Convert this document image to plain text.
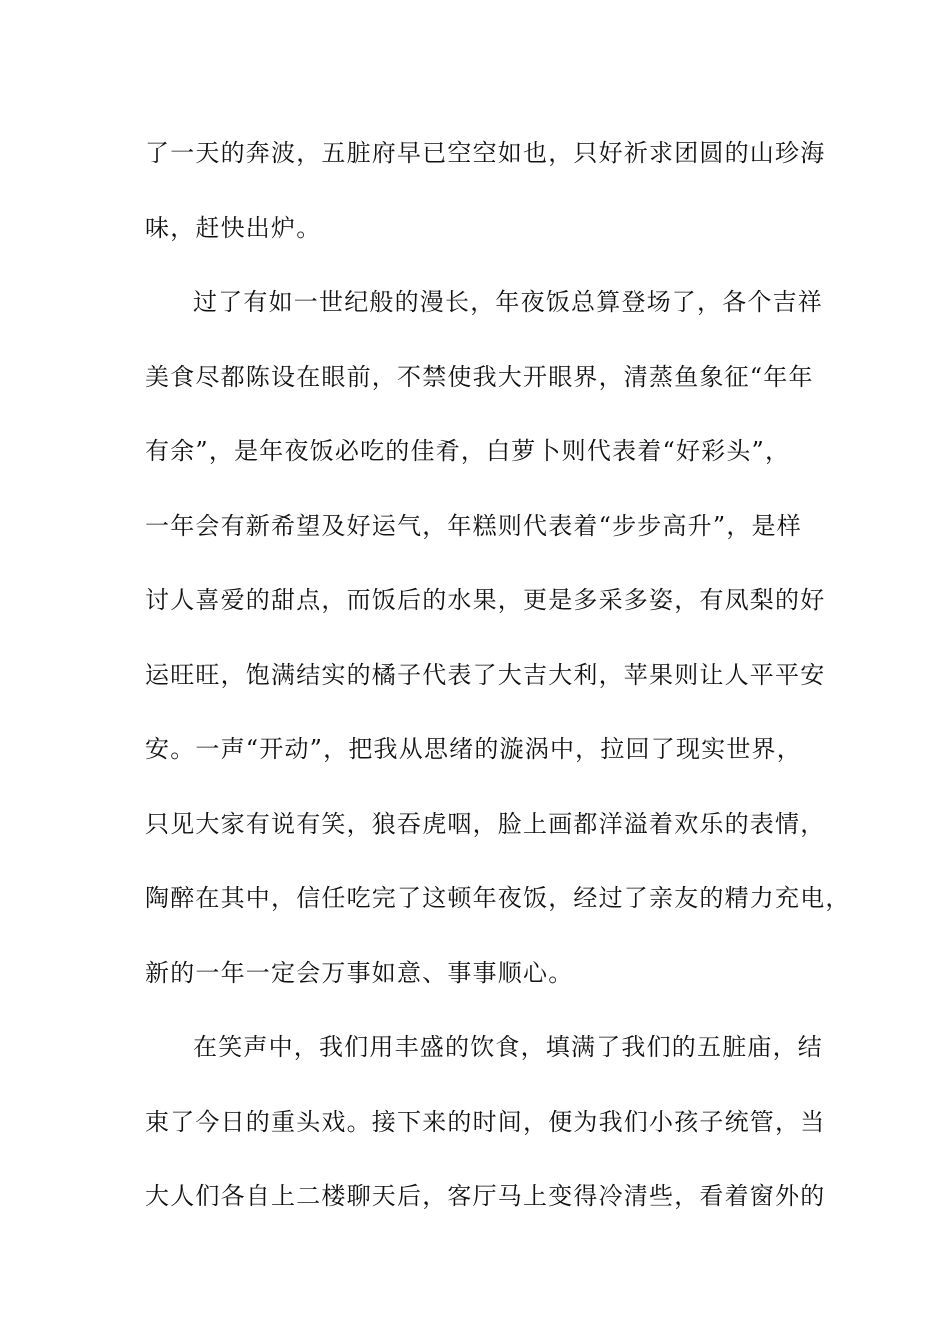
了一天的奔波，五脏府早已空空如也，只好祈求团圆的山珍海
味，赶快出炉。
过了有如一世纪般的漫长，年夜饭总算登场了，各个吉祥
美食尽都陈设在眼前，不禁使我大开眼界，清蒸鱼象征“年年
有余”，是年夜饭必吃的佳肴，白萝卜则代表着“好彩头”，
一年会有新希望及好运气，年糕则代表着“步步高升”，是样
讨人喜爱的甜点，而饭后的水果，更是多采多姿，有凤梨的好
运旺旺，饱满结实的橘子代表了大吉大利，苹果则让人平平安
安。一声“开动”，把我从思绪的漩涡中，拉回了现实世界，
只见大家有说有笑，狼吞虎咽，脸上画都洋溢着欢乐的表情，
陶醉在其中，信任吃完了这顿年夜饭，经过了亲友的精力充电，
新的一年一定会万事如意、事事顺心。
在笑声中，我们用丰盛的饮食，填满了我们的五脏庙，结
束了今日的重头戏。接下来的时间，便为我们小孩子统管，当
大人们各自上二楼聊天后，客厅马上变得冷清些，看着窗外的
